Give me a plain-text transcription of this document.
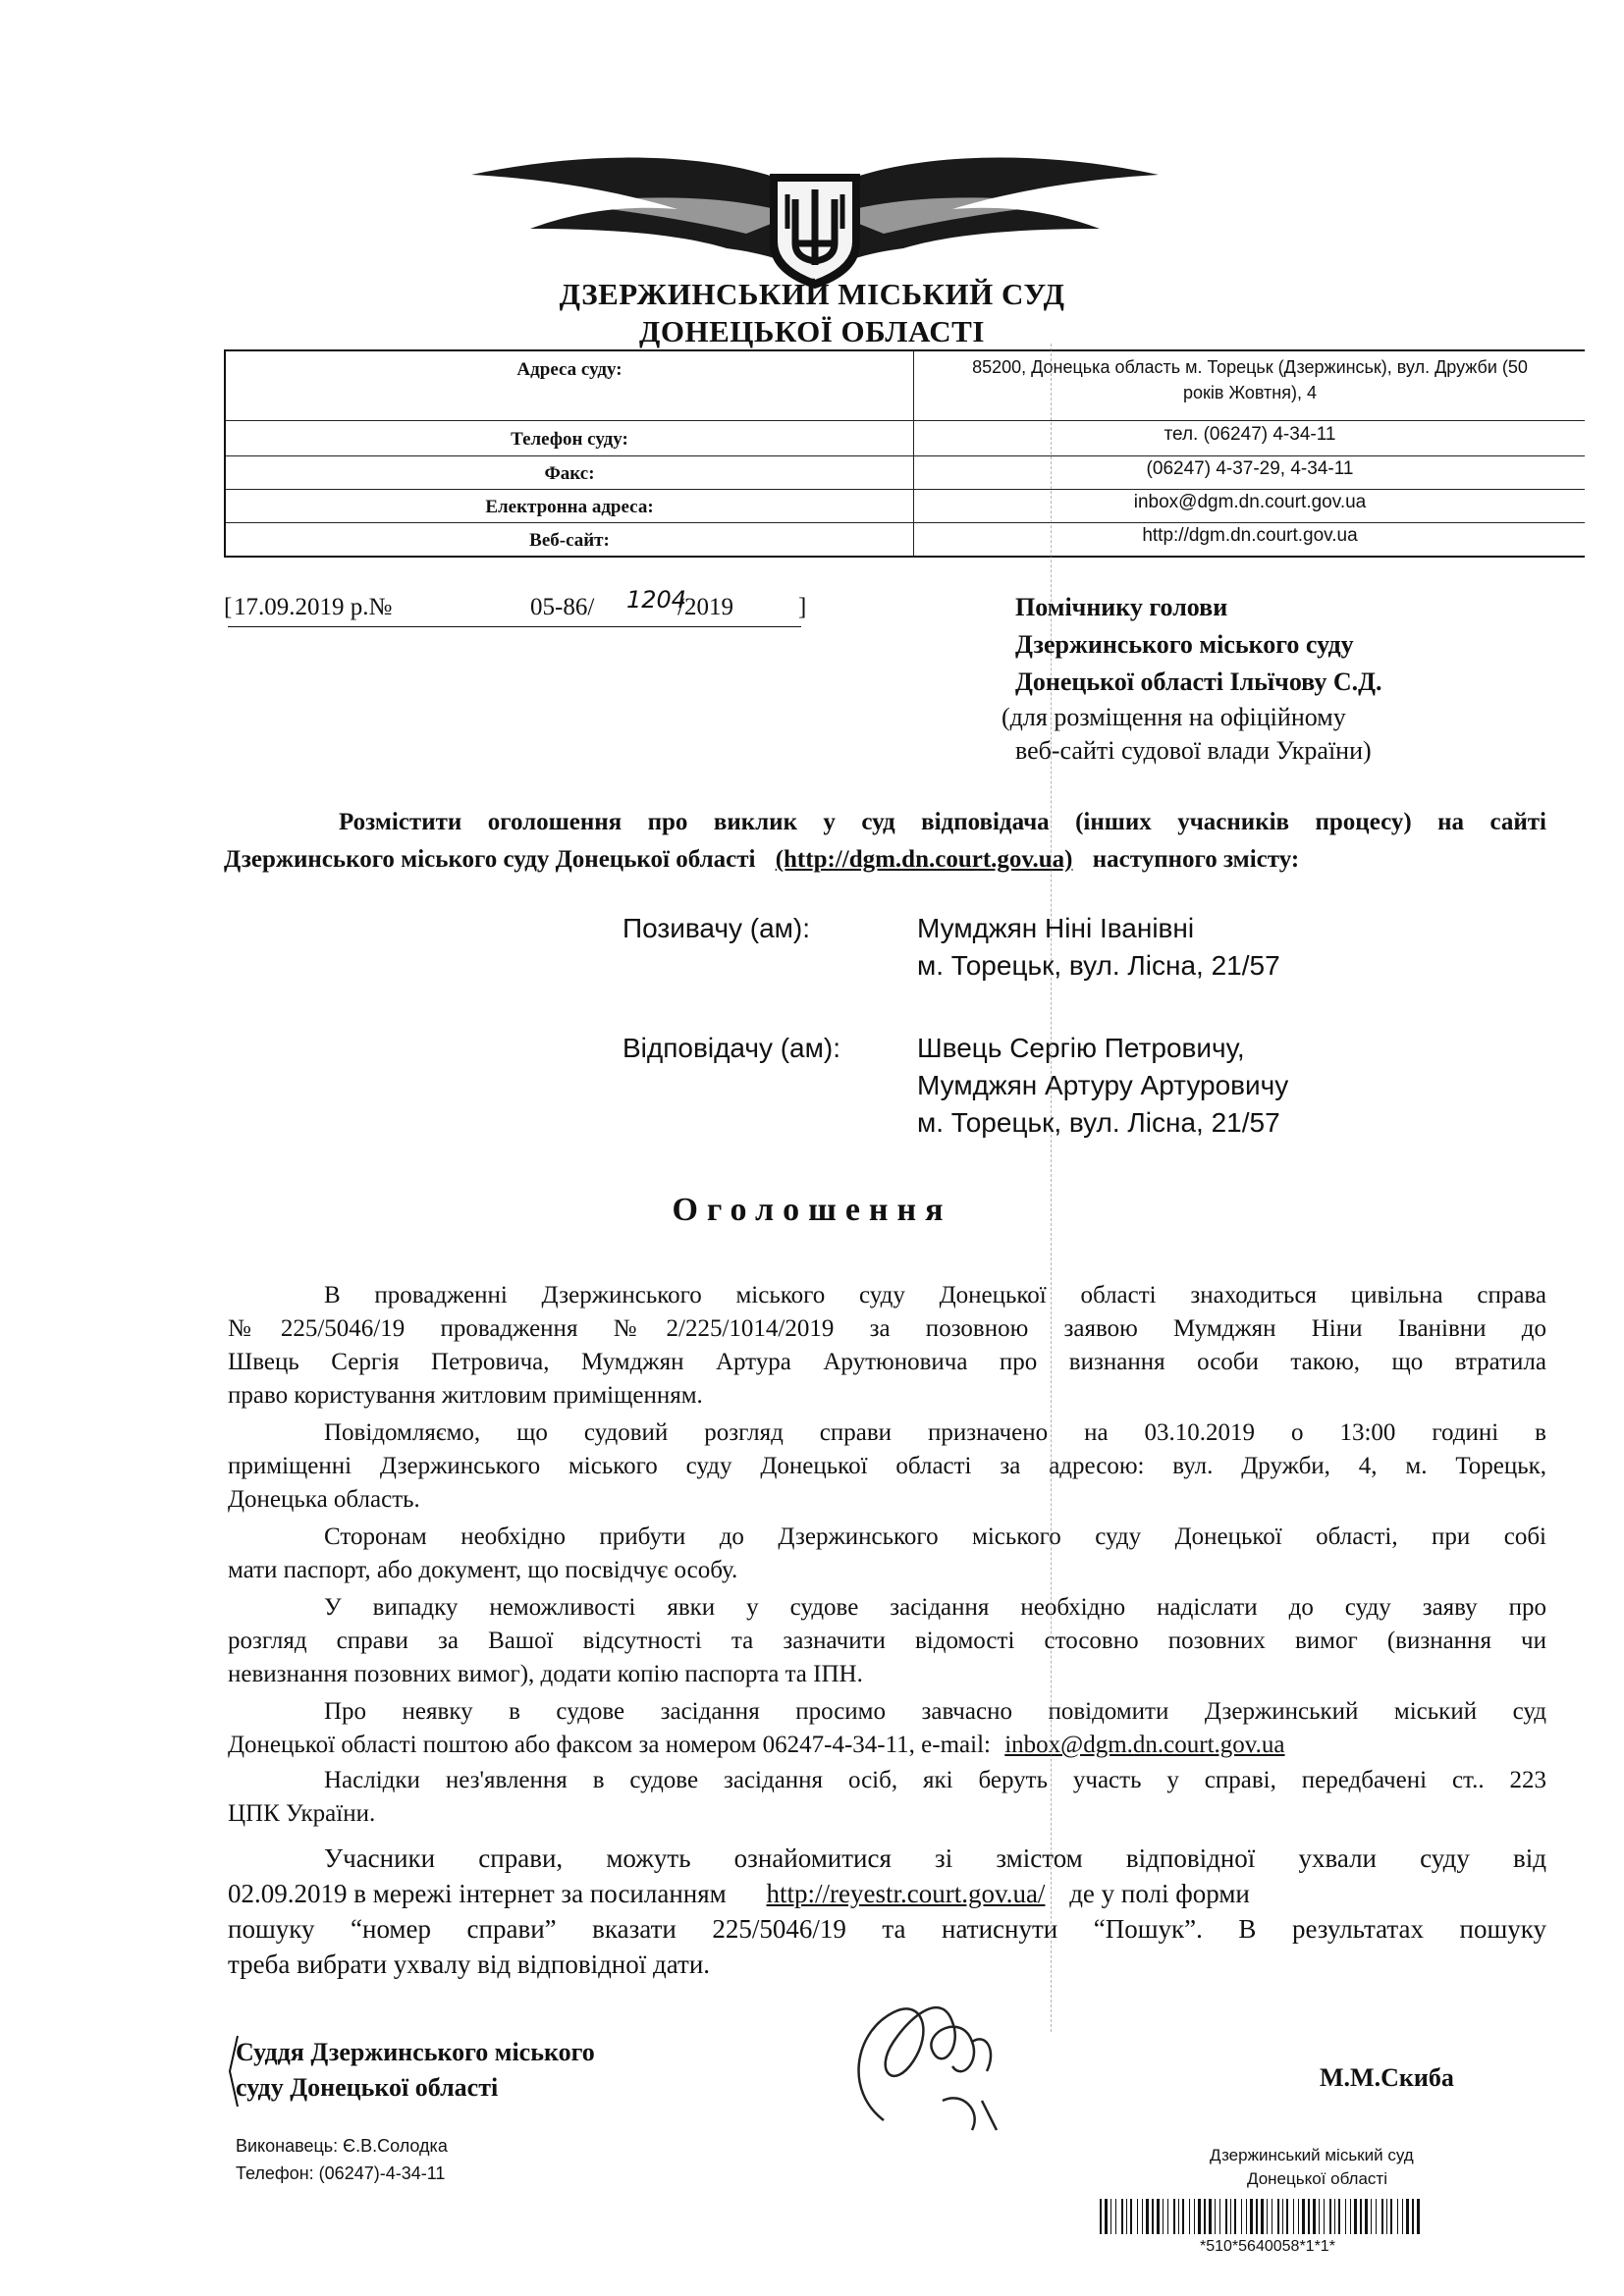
ДЗЕРЖИНСЬКИЙ МІСЬКИЙ СУД
ДОНЕЦЬКОЇ ОБЛАСТІ
Адреса суду:	85200, Донецька область м. Торецьк (Дзержинськ), вул. Дружби (50
років Жовтня), 4
Телефон суду:	тел. (06247) 4-34-11
Факс:	(06247) 4-37-29, 4-34-11
Електронна адреса:	inbox@dgm.dn.court.gov.ua
Веб-сайт:	http://dgm.dn.court.gov.ua
[ 17.09.2019 р.№	05-86/ 1204
/2019	]	Помічнику голови
Дзержинського міського суду
Донецької області Ільїчову С.Д.
(для розміщення на офіційному
веб-сайті судової влади України)
Розмістити оголошення про виклик у суд відповідача (інших учасників процесу) на сайті
Дзержинського міського суду Донецької області (http://dgm.dn.court.gov.ua) наступного змісту:
Позивачу (ам):	Мумджян Ніні Іванівні
м. Торецьк, вул. Лісна, 21/57
Відповідачу (ам):	Швець Сергію Петровичу,
Мумджян Артуру Артуровичу
м. Торецьк, вул. Лісна, 21/57
Оголошення
В провадженні Дзержинського міського суду Донецької області знаходиться цивільна справа
№225/5046/19 провадження №2/225/1014/2019 за позовною заявою Мумджян Ніни Іванівни до
Швець Сергія Петровича, Мумджян Артура Арутюновича про визнання особи такою, що втратила
право користування житловим приміщенням.
Повідомляємо, що судовий розгляд справи призначено на 03.10.2019 о 13:00 годині в
приміщенні Дзержинського міського суду Донецької області за адресою: вул. Дружби, 4, м. Торецьк,
Донецька область.
Сторонам необхідно прибути до Дзержинського міського суду Донецької області, при собі
мати паспорт, або документ, що посвідчує особу.
У випадку неможливості явки у судове засідання необхідно надіслати до суду заяву про
розгляд справи за Вашої відсутності та зазначити відомості стосовно позовних вимог (визнання чи
невизнання позовних вимог), додати копію паспорта та ІПН.
Про неявку в судове засідання просимо завчасно повідомити Дзержинський міський суд
Донецької області поштою або факсом за номером 06247-4-34-11, e-mail: inbox@dgm.dn.court.gov.ua
Наслідки нез'явлення в судове засідання осіб, які беруть участь у справі, передбачені ст.. 223
ЦПК України.
Учасники справи, можуть ознайомитися зі змістом відповідної ухвали суду від
02.09.2019 в мережі інтернет за посиланням http://reyestr.court.gov.ua/ де у полі форми
пошуку “номер справи” вказати 225/5046/19 та натиснути “Пошук”. В результатах пошуку
треба вибрати ухвалу від відповідної дати.
Суддя Дзержинського міського
суду Донецької області	М.М.Скиба
Виконавець: Є.В.Солодка
Телефон: (06247)-4-34-11
Дзержинський міський суд
Донецької області
*510*5640058*1*1*
